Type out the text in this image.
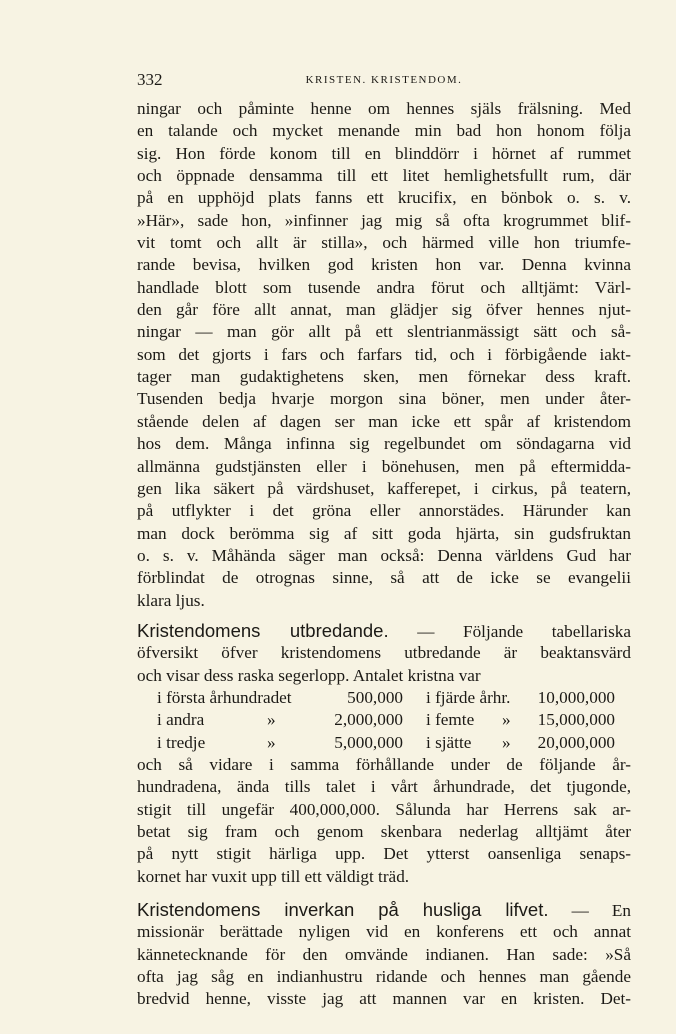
332	KRISTEN. KRISTENDOM.
ningar och påminte henne om hennes själs frälsning. Med
en talande och mycket menande min bad hon honom följa
sig. Hon förde konom till en blinddörr i hörnet af rummet
och öppnade densamma till ett litet hemlighetsfullt rum, där
på en upphöjd plats fanns ett krucifix, en bönbok o. s. v.
»Här», sade hon, »infinner jag mig så ofta krogrummet blif-
vit tomt och allt är stilla», och härmed ville hon triumfe-
rande bevisa, hvilken god kristen hon var. Denna kvinna
handlade blott som tusende andra förut och alltjämt: Värl-
den går före allt annat, man glädjer sig öfver hennes njut-
ningar — man gör allt på ett slentrianmässigt sätt och så-
som det gjorts i fars och farfars tid, och i förbigående iakt-
tager man gudaktighetens sken, men förnekar dess kraft.
Tusenden bedja hvarje morgon sina böner, men under åter-
stående delen af dagen ser man icke ett spår af kristendom
hos dem. Många infinna sig regelbundet om söndagarna vid
allmänna gudstjänsten eller i bönehusen, men på eftermidda-
gen lika säkert på värdshuset, kafferepet, i cirkus, på teatern,
på utflykter i det gröna eller annorstädes. Härunder kan
man dock berömma sig af sitt goda hjärta, sin gudsfruktan
o. s. v. Måhända säger man också: Denna världens Gud har
förblindat de otrognas sinne, så att de icke se evangelii
klara ljus.
Kristendomens utbredande. — Följande tabellariska
öfversikt öfver kristendomens utbredande är beaktansvärd
och visar dess raska segerlopp. Antalet kristna var
i första århundradet	500,000 i fjärde århr.	10,000,000
i andra	»	2,000,000 i femte »	15,000,000
i tredje	»	5,000,000 i sjätte »	20,000,000
och så vidare i samma förhållande under de följande år-
hundradena, ända tills talet i vårt århundrade, det tjugonde,
stigit till ungefär 400,000,000. Sålunda har Herrens sak ar-
betat sig fram och genom skenbara nederlag alltjämt åter
på nytt stigit härliga upp. Det ytterst oansenliga senaps-
kornet har vuxit upp till ett väldigt träd.
Kristendomens inverkan på husliga lifvet. — En
missionär berättade nyligen vid en konferens ett och annat
kännetecknande för den omvände indianen. Han sade: »Så
ofta jag såg en indianhustru ridande och hennes man gående
bredvid henne, visste jag att mannen var en kristen. Det-
